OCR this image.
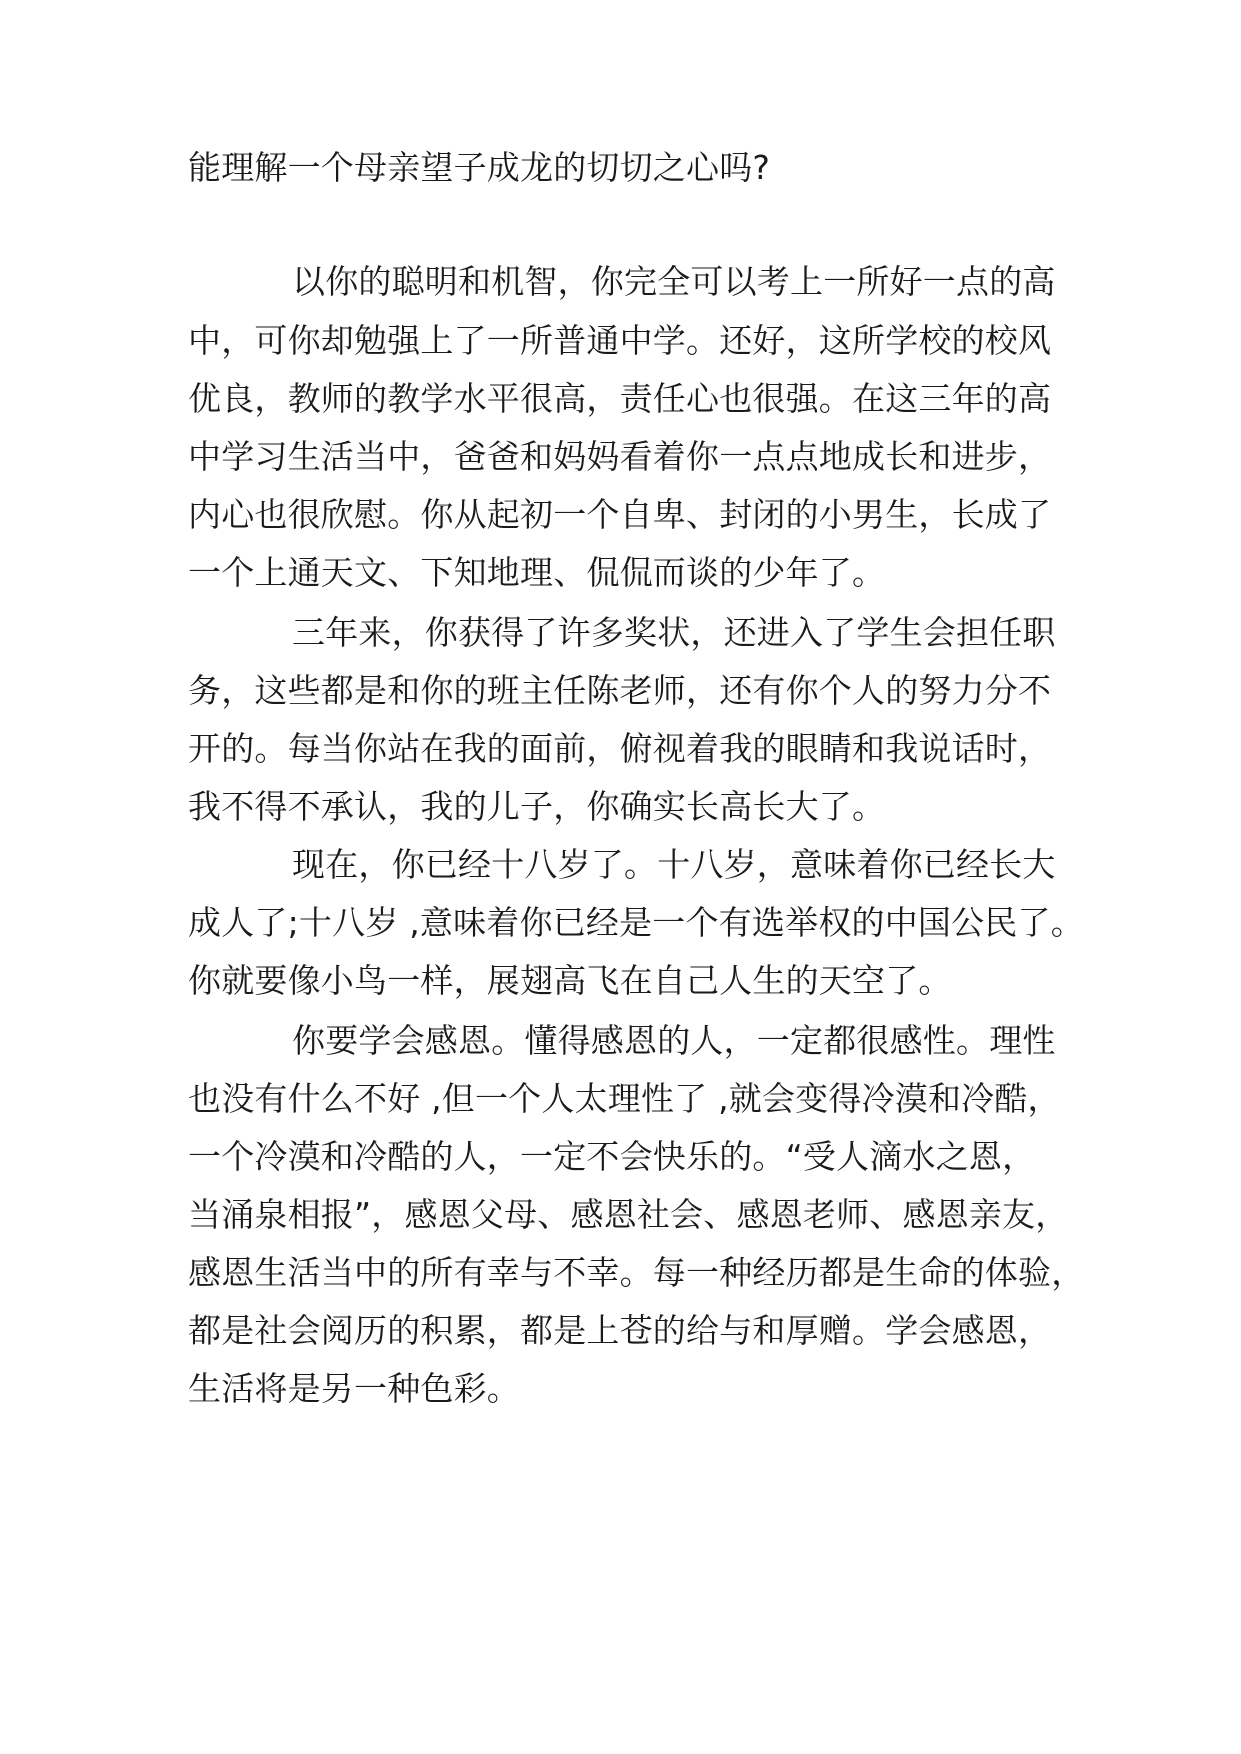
能理解一个母亲望子成龙的切切之心吗?
以你的聪明和机智，你完全可以考上一所好一点的高
中，可你却勉强上了一所普通中学。还好，这所学校的校风
优良，教师的教学水平很高，责任心也很强。在这三年的高
中学习生活当中，爸爸和妈妈看着你一点点地成长和进步，
内心也很欣慰。你从起初一个自卑、封闭的小男生，长成了
一个上通天文、下知地理、侃侃而谈的少年了。
三年来，你获得了许多奖状，还进入了学生会担任职
务，这些都是和你的班主任陈老师，还有你个人的努力分不
开的。每当你站在我的面前，俯视着我的眼睛和我说话时，
我不得不承认，我的儿子，你确实长高长大了。
现在，你已经十八岁了。十八岁，意味着你已经长大
成人了;十八岁 ,意味着你已经是一个有选举权的中国公民了。
你就要像小鸟一样，展翅高飞在自己人生的天空了。
你要学会感恩。懂得感恩的人，一定都很感性。理性
也没有什么不好 ,但一个人太理性了 ,就会变得冷漠和冷酷，
一个冷漠和冷酷的人，一定不会快乐的。“受人滴水之恩，
当涌泉相报”，感恩父母、感恩社会、感恩老师、感恩亲友，
感恩生活当中的所有幸与不幸。每一种经历都是生命的体验，
都是社会阅历的积累，都是上苍的给与和厚赠。学会感恩，
生活将是另一种色彩。
